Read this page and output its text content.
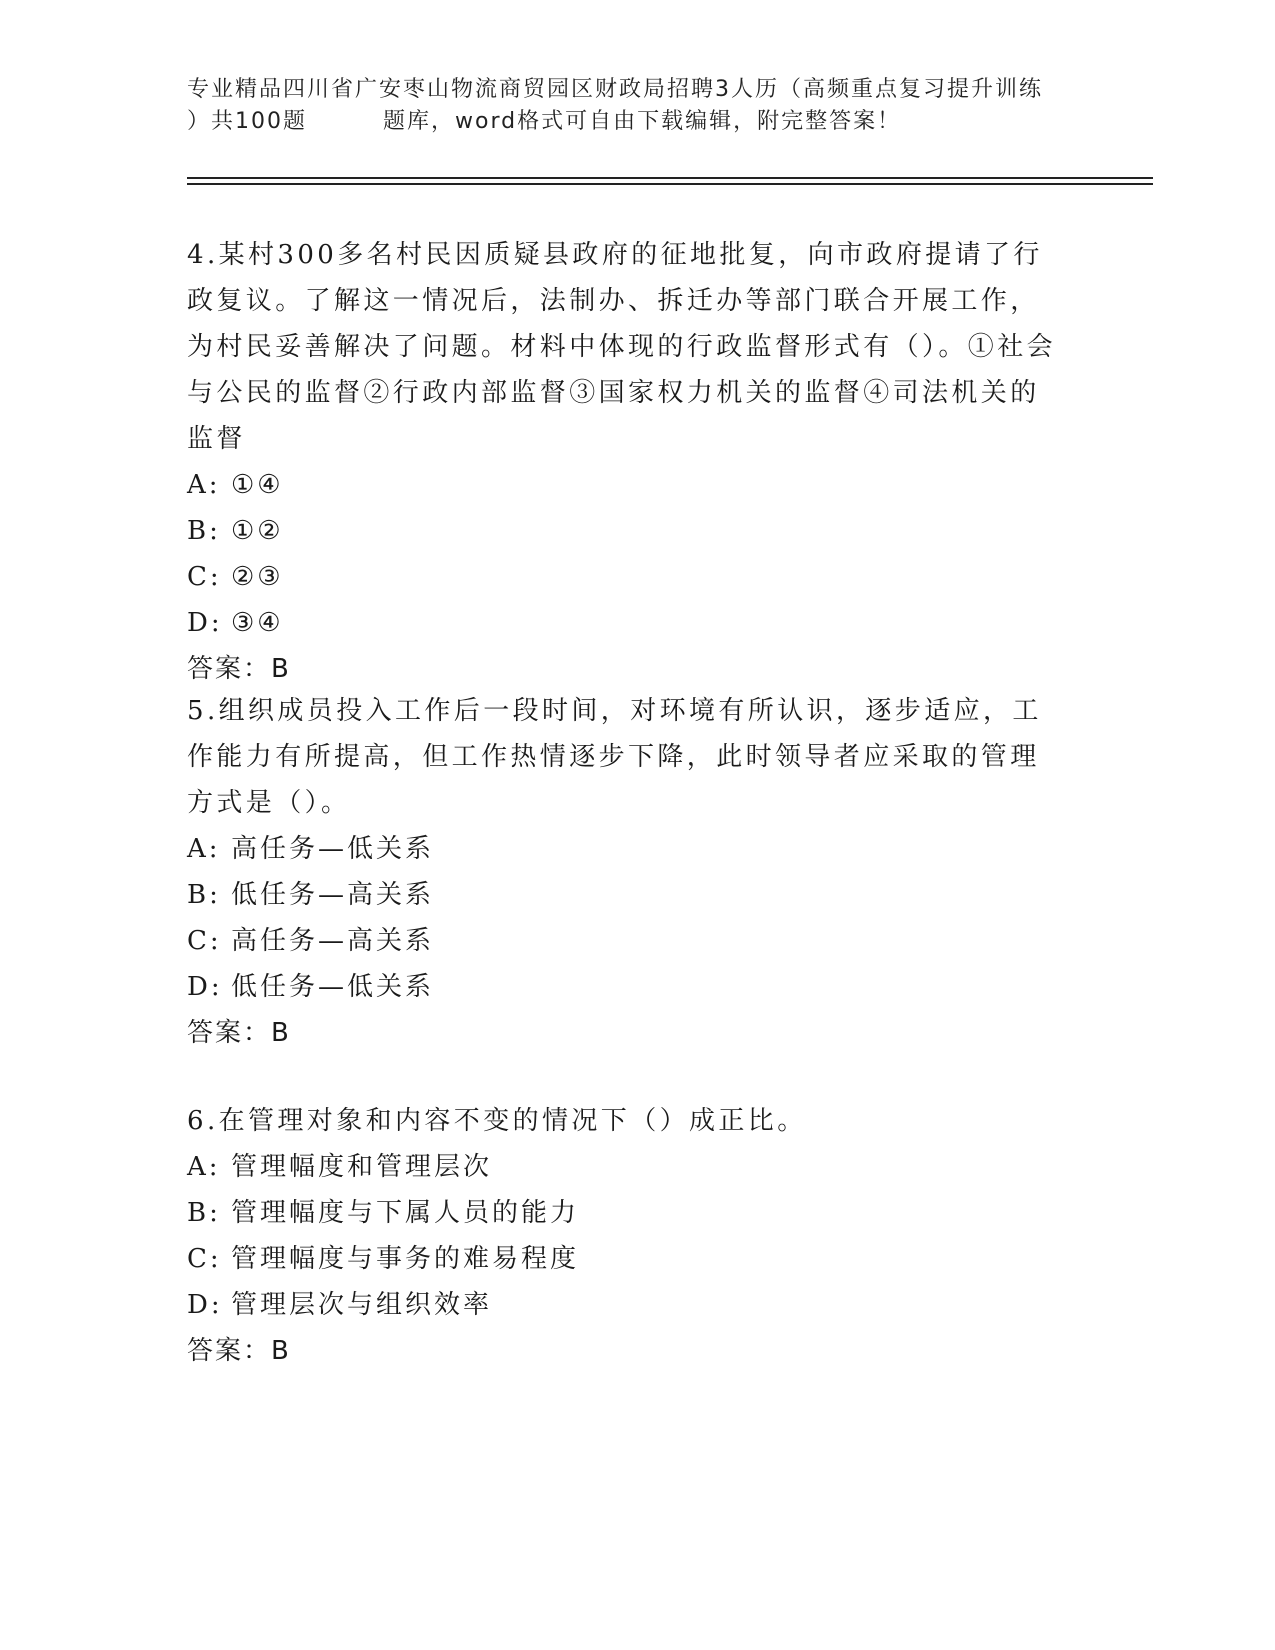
专业精品四川省广安枣山物流商贸园区财政局招聘3人历（高频重点复习提升训练
）共100题	题库，word格式可自由下载编辑，附完整答案！

4.某村300多名村民因质疑县政府的征地批复，向市政府提请了行政复议。了解这一情况后，法制办、拆迁办等部门联合开展工作，为村民妥善解决了问题。材料中体现的行政监督形式有（）。①社会与公民的监督②行政内部监督③国家权力机关的监督④司法机关的监督

A: ①④

B: ①②

C: ②③

D: ③④

答案：B

5.组织成员投入工作后一段时间，对环境有所认识，逐步适应，工作能力有所提高，但工作热情逐步下降，此时领导者应采取的管理方式是（）。

A: 高任务—低关系

B: 低任务—高关系

C: 高任务—高关系

D: 低任务—低关系

答案：B

6.在管理对象和内容不变的情况下（）成正比。

A: 管理幅度和管理层次

B: 管理幅度与下属人员的能力

C: 管理幅度与事务的难易程度

D: 管理层次与组织效率

答案：B
